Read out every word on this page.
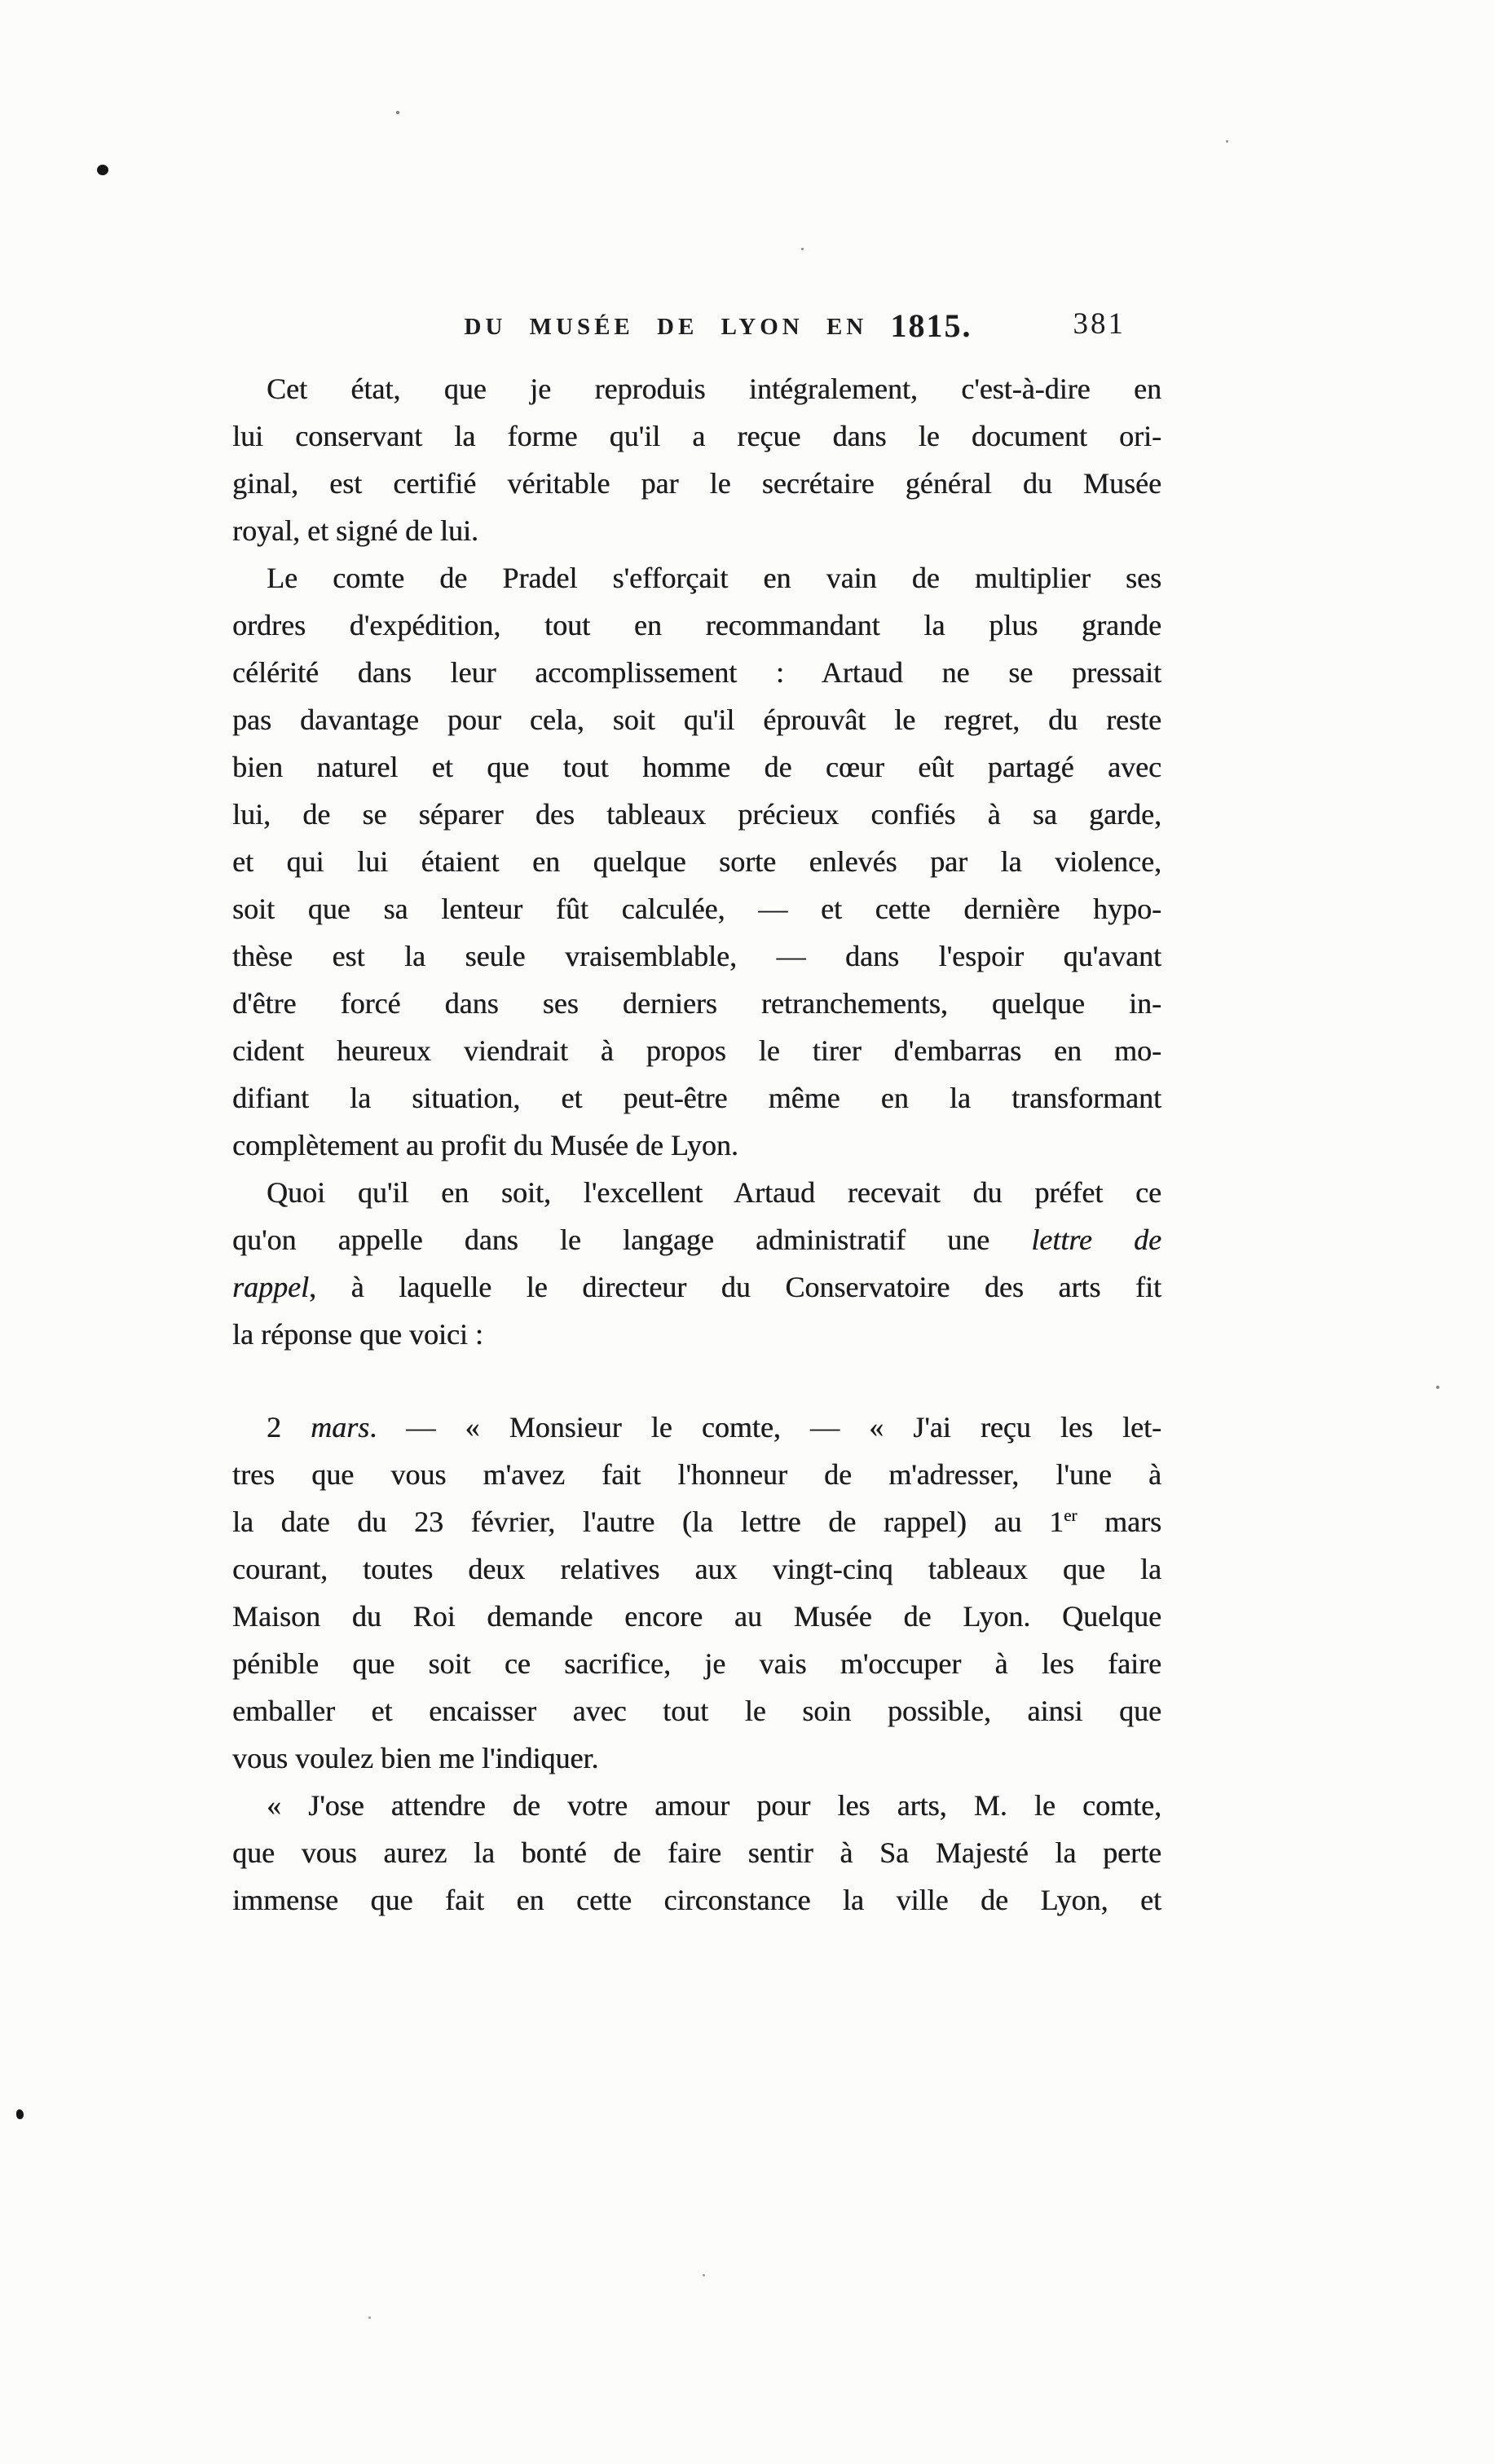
DU MUSÉE DE LYON EN 1815.	381
Cet état, que je reproduis intégralement, c'est-à-dire en
lui conservant la forme qu'il a reçue dans le document ori-
ginal, est certifié véritable par le secrétaire général du Musée
royal, et signé de lui.
Le comte de Pradel s'efforçait en vain de multiplier ses
ordres d'expédition, tout en recommandant la plus grande
célérité dans leur accomplissement : Artaud ne se pressait
pas davantage pour cela, soit qu'il éprouvât le regret, du reste
bien naturel et que tout homme de cœur eût partagé avec
lui, de se séparer des tableaux précieux confiés à sa garde,
et qui lui étaient en quelque sorte enlevés par la violence,
soit que sa lenteur fût calculée, — et cette dernière hypo-
thèse est la seule vraisemblable, — dans l'espoir qu'avant
d'être forcé dans ses derniers retranchements, quelque in-
cident heureux viendrait à propos le tirer d'embarras en mo-
difiant la situation, et peut-être même en la transformant
complètement au profit du Musée de Lyon.
Quoi qu'il en soit, l'excellent Artaud recevait du préfet ce
qu'on appelle dans le langage administratif une lettre de
rappel, à laquelle le directeur du Conservatoire des arts fit
la réponse que voici :
2 mars. — « Monsieur le comte, — « J'ai reçu les let-
tres que vous m'avez fait l'honneur de m'adresser, l'une à
la date du 23 février, l'autre (la lettre de rappel) au 1er mars
courant, toutes deux relatives aux vingt-cinq tableaux que la
Maison du Roi demande encore au Musée de Lyon. Quelque
pénible que soit ce sacrifice, je vais m'occuper à les faire
emballer et encaisser avec tout le soin possible, ainsi que
vous voulez bien me l'indiquer.
« J'ose attendre de votre amour pour les arts, M. le comte,
que vous aurez la bonté de faire sentir à Sa Majesté la perte
immense que fait en cette circonstance la ville de Lyon, et
